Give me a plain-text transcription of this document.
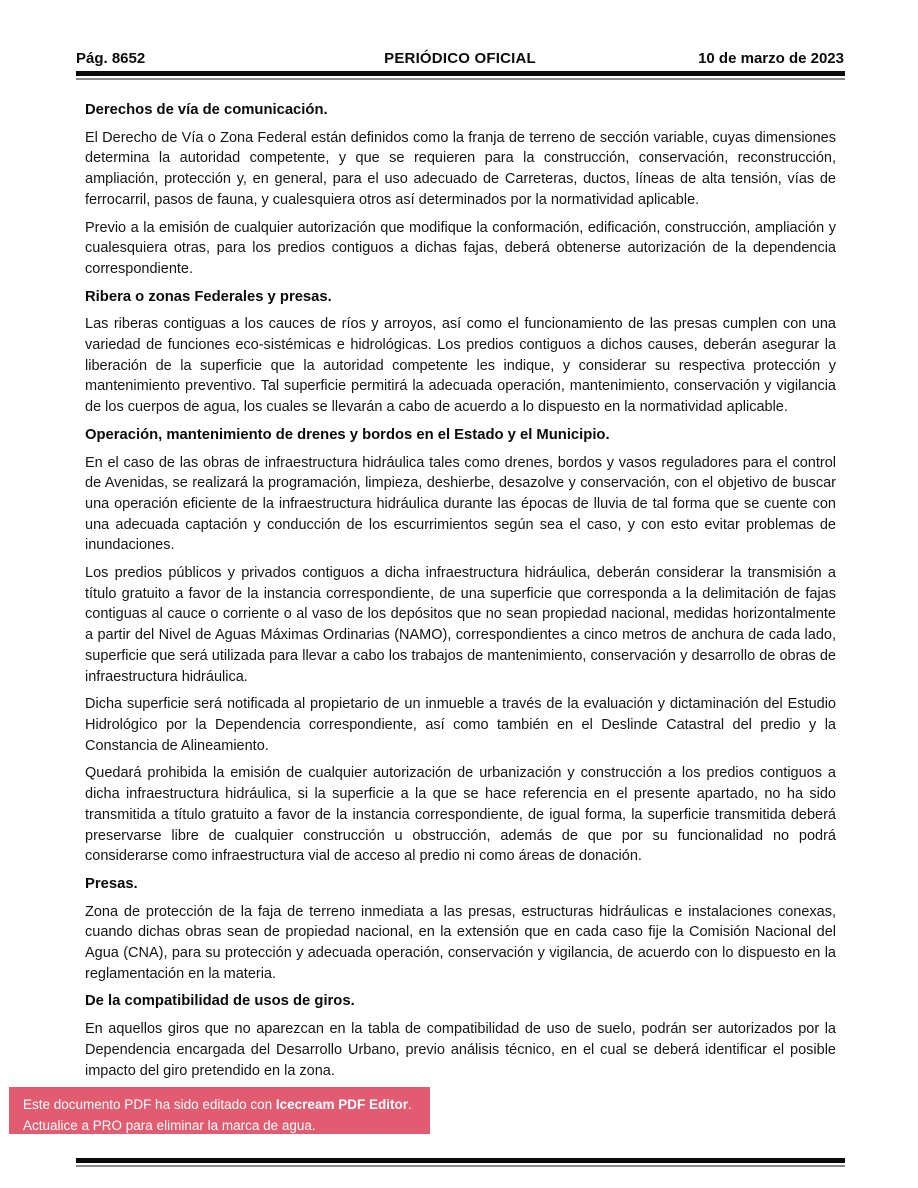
Pág. 8652	PERIÓDICO OFICIAL	10 de marzo de 2023
Derechos de vía de comunicación.

El Derecho de Vía o Zona Federal están definidos como la franja de terreno de sección variable, cuyas dimensiones determina la autoridad competente, y que se requieren para la construcción, conservación, reconstrucción, ampliación, protección y, en general, para el uso adecuado de Carreteras, ductos, líneas de alta tensión, vías de ferrocarril, pasos de fauna, y cualesquiera otros así determinados por la normatividad aplicable.

Previo a la emisión de cualquier autorización que modifique la conformación, edificación, construcción, ampliación y cualesquiera otras, para los predios contiguos a dichas fajas, deberá obtenerse autorización de la dependencia correspondiente.

Ribera o zonas Federales y presas.

Las riberas contiguas a los cauces de ríos y arroyos, así como el funcionamiento de las presas cumplen con una variedad de funciones eco-sistémicas e hidrológicas. Los predios contiguos a dichos causes, deberán asegurar la liberación de la superficie que la autoridad competente les indique, y considerar su respectiva protección y mantenimiento preventivo. Tal superficie permitirá la adecuada operación, mantenimiento, conservación y vigilancia de los cuerpos de agua, los cuales se llevarán a cabo de acuerdo a lo dispuesto en la normatividad aplicable.

Operación, mantenimiento de drenes y bordos en el Estado y el Municipio.

En el caso de las obras de infraestructura hidráulica tales como drenes, bordos y vasos reguladores para el control de Avenidas, se realizará la programación, limpieza, deshierbe, desazolve y conservación, con el objetivo de buscar una operación eficiente de la infraestructura hidráulica durante las épocas de lluvia de tal forma que se cuente con una adecuada captación y conducción de los escurrimientos según sea el caso, y con esto evitar problemas de inundaciones.

Los predios públicos y privados contiguos a dicha infraestructura hidráulica, deberán considerar la transmisión a título gratuito a favor de la instancia correspondiente, de una superficie que corresponda a la delimitación de fajas contiguas al cauce o corriente o al vaso de los depósitos que no sean propiedad nacional, medidas horizontalmente a partir del Nivel de Aguas Máximas Ordinarias (NAMO), correspondientes a cinco metros de anchura de cada lado, superficie que será utilizada para llevar a cabo los trabajos de mantenimiento, conservación y desarrollo de obras de infraestructura hidráulica.

Dicha superficie será notificada al propietario de un inmueble a través de la evaluación y dictaminación del Estudio Hidrológico por la Dependencia correspondiente, así como también en el Deslinde Catastral del predio y la Constancia de Alineamiento.

Quedará prohibida la emisión de cualquier autorización de urbanización y construcción a los predios contiguos a dicha infraestructura hidráulica, si la superficie a la que se hace referencia en el presente apartado, no ha sido transmitida a título gratuito a favor de la instancia correspondiente, de igual forma, la superficie transmitida deberá preservarse libre de cualquier construcción u obstrucción, además de que por su funcionalidad no podrá considerarse como infraestructura vial de acceso al predio ni como áreas de donación.

Presas.

Zona de protección de la faja de terreno inmediata a las presas, estructuras hidráulicas e instalaciones conexas, cuando dichas obras sean de propiedad nacional, en la extensión que en cada caso fije la Comisión Nacional del Agua (CNA), para su protección y adecuada operación, conservación y vigilancia, de acuerdo con lo dispuesto en la reglamentación en la materia.

De la compatibilidad de usos de giros.

En aquellos giros que no aparezcan en la tabla de compatibilidad de uso de suelo, podrán ser autorizados por la Dependencia encargada del Desarrollo Urbano, previo análisis técnico, en el cual se deberá identificar el posible impacto del giro pretendido en la zona.

Este documento PDF ha sido editado con Icecream PDF Editor.
Actualice a PRO para eliminar la marca de agua.
